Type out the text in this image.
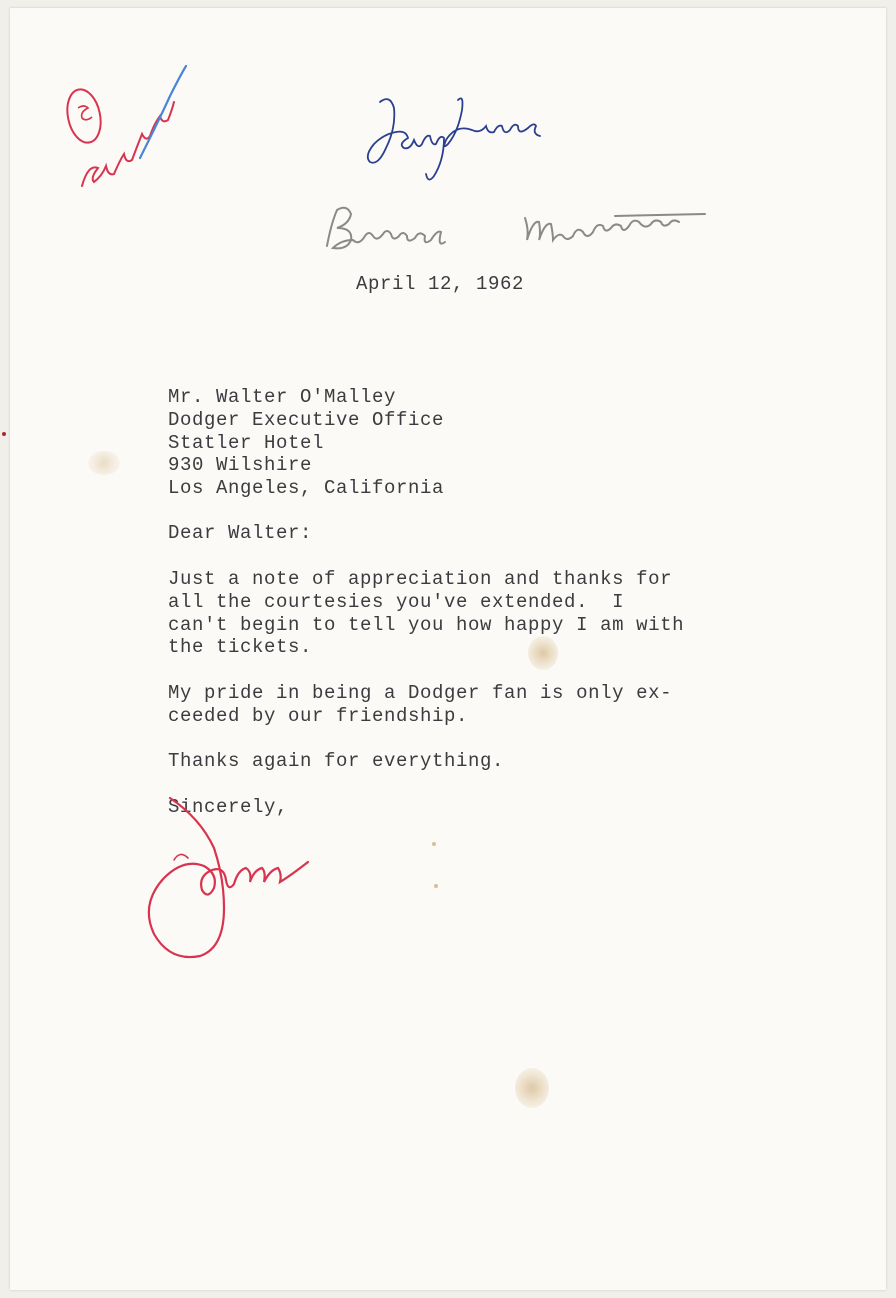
April 12, 1962

Mr. Walter O'Malley
Dodger Executive Office
Statler Hotel
930 Wilshire
Los Angeles, California

Dear Walter:

Just a note of appreciation and thanks for
all the courtesies you've extended.  I
can't begin to tell you how happy I am with
the tickets.
My pride in being a Dodger fan is only ex-
ceeded by our friendship.

Thanks again for everything.

Sincerely,
